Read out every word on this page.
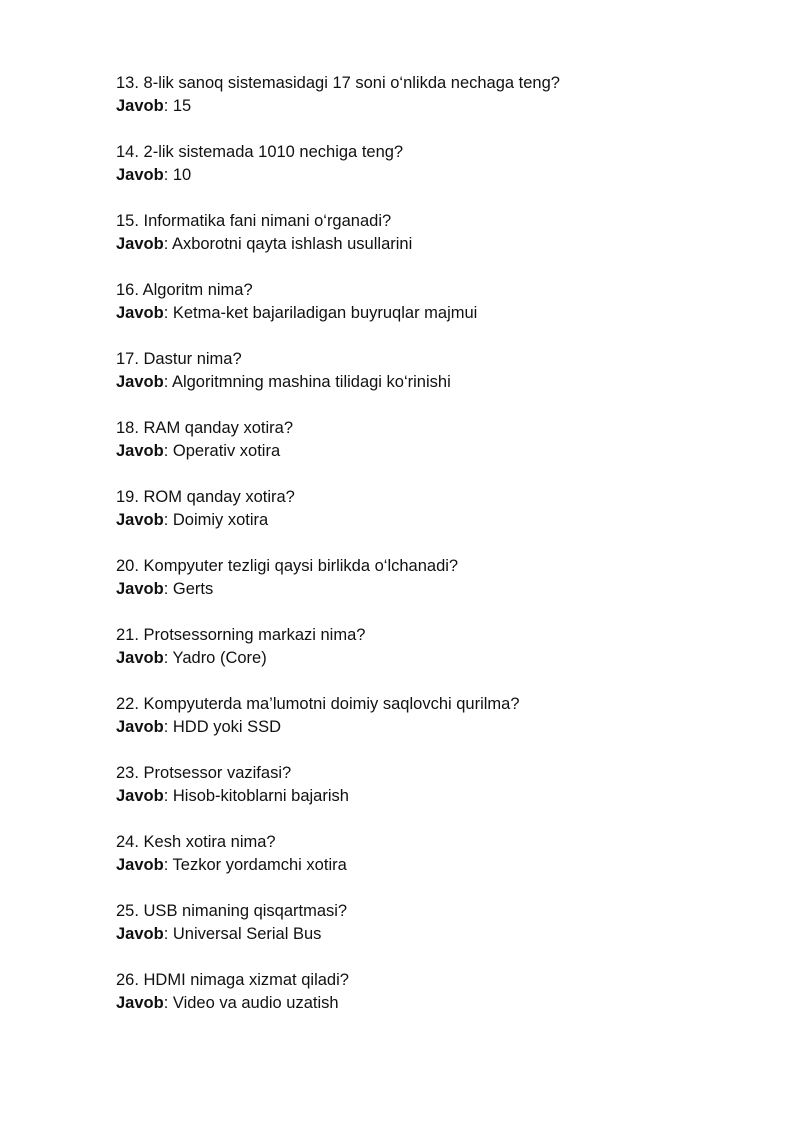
13. 8-lik sanoq sistemasidagi 17 soni o‘nlikda nechaga teng?

Javob: 15

14. 2-lik sistemada 1010 nechiga teng?

Javob: 10

15. Informatika fani nimani o‘rganadi?

Javob: Axborotni qayta ishlash usullarini

16. Algoritm nima?

Javob: Ketma-ket bajariladigan buyruqlar majmui

17. Dastur nima?

Javob: Algoritmning mashina tilidagi ko‘rinishi

18. RAM qanday xotira?

Javob: Operativ xotira

19. ROM qanday xotira?

Javob: Doimiy xotira

20. Kompyuter tezligi qaysi birlikda o‘lchanadi?

Javob: Gerts

21. Protsessorning markazi nima?

Javob: Yadro (Core)

22. Kompyuterda ma’lumotni doimiy saqlovchi qurilma?

Javob: HDD yoki SSD

23. Protsessor vazifasi?

Javob: Hisob-kitoblarni bajarish

24. Kesh xotira nima?

Javob: Tezkor yordamchi xotira

25. USB nimaning qisqartmasi?

Javob: Universal Serial Bus

26. HDMI nimaga xizmat qiladi?

Javob: Video va audio uzatish
